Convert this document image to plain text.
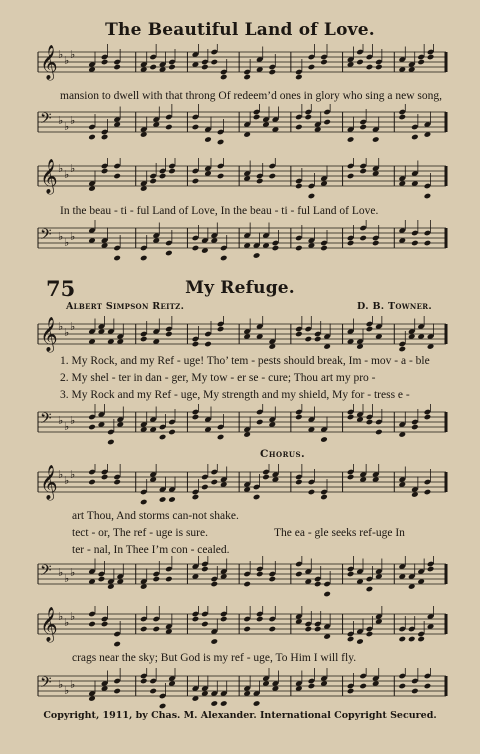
The Beautiful Land of Love.
𝄞 ♭ ♭ ♭
mansion to dwell with that throng Of redeem’d ones in glory who sing a new song,
𝄢 ♭ ♭ ♭
𝄞 ♭ ♭ ♭
In the beau - ti - ful Land of Love, In the beau - ti - ful Land of Love.
𝄢 ♭ ♭ ♭
75	My Refuge.
Albert Simpson Reitz.	D. B. Towner.
𝄞 ♭ ♭ ♭
1. My Rock, and my Ref - uge! Tho’ tem - pests should break, Im - mov - a - ble
2. My shel - ter in dan - ger, My tow - er se - cure; Thou art my pro -
3. My Rock and my Ref - uge, My strength and my shield, My for - tress e -
𝄢 ♭ ♭ ♭
Chorus.
𝄞 ♭ ♭ ♭
art Thou, And storms can-not shake.
tect - or, The ref - uge is sure.
ter - nal, In Thee I’m con - cealed.
The ea - gle seeks ref-uge In
𝄢 ♭ ♭ ♭
𝄞 ♭ ♭ ♭
crags near the sky; But God is my ref - uge, To Him I will fly.
𝄢 ♭ ♭ ♭
Copyright, 1911, by Chas. M. Alexander. International Copyright Secured.
